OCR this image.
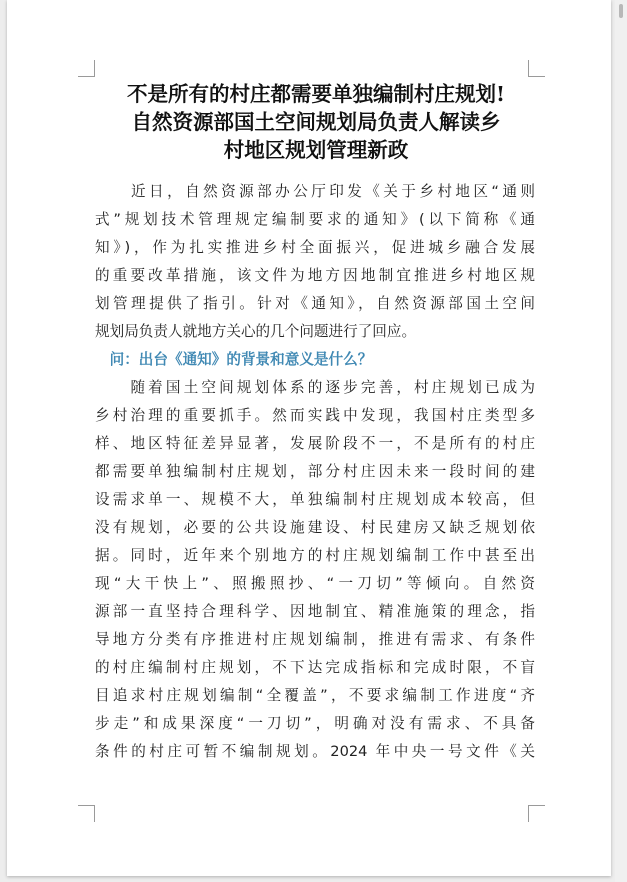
不是所有的村庄都需要单独编制村庄规划!
自然资源部国土空间规划局负责人解读乡
村地区规划管理新政
　　近日，自然资源部办公厅印发《关于乡村地区“通则
式”规划技术管理规定编制要求的通知》(以下简称《通
知》)，作为扎实推进乡村全面振兴，促进城乡融合发展
的重要改革措施，该文件为地方因地制宜推进乡村地区规
划管理提供了指引。针对《通知》，自然资源部国土空间
规划局负责人就地方关心的几个问题进行了回应。
　问：出台《通知》的背景和意义是什么？
　　随着国土空间规划体系的逐步完善，村庄规划已成为
乡村治理的重要抓手。然而实践中发现，我国村庄类型多
样、地区特征差异显著，发展阶段不一，不是所有的村庄
都需要单独编制村庄规划，部分村庄因未来一段时间的建
设需求单一、规模不大，单独编制村庄规划成本较高，但
没有规划，必要的公共设施建设、村民建房又缺乏规划依
据。同时，近年来个别地方的村庄规划编制工作中甚至出
现“大干快上”、照搬照抄、“一刀切”等倾向。自然资
源部一直坚持合理科学、因地制宜、精准施策的理念，指
导地方分类有序推进村庄规划编制，推进有需求、有条件
的村庄编制村庄规划，不下达完成指标和完成时限，不盲
目追求村庄规划编制“全覆盖”，不要求编制工作进度“齐
步走”和成果深度“一刀切”，明确对没有需求、不具备
条件的村庄可暂不编制规划。2024 年中央一号文件《关
